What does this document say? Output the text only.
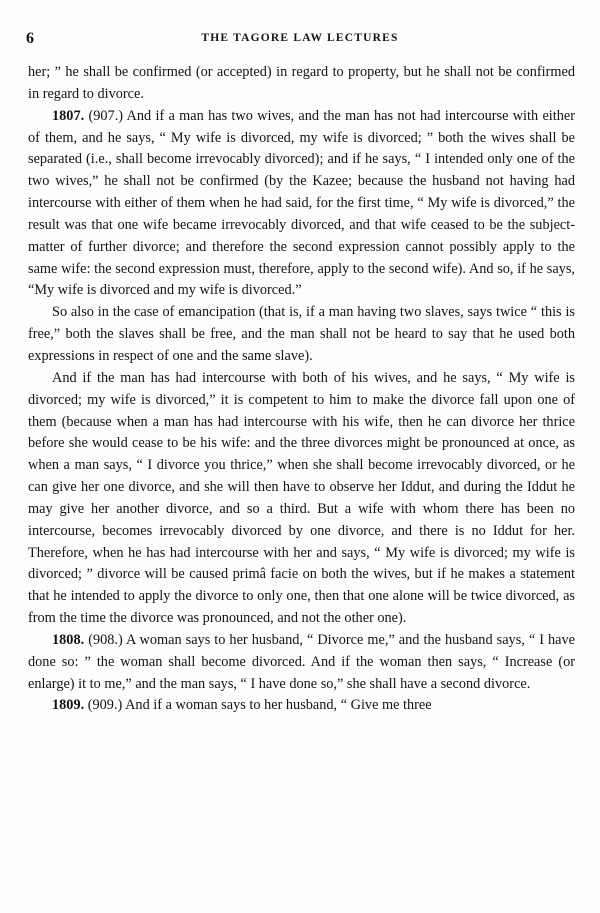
6	THE TAGORE LAW LECTURES

her; ” he shall be confirmed (or accepted) in regard to property, but he shall not be confirmed in regard to divorce.

1807. (907.) And if a man has two wives, and the man has not had intercourse with either of them, and he says, “ My wife is divorced, my wife is divorced; ” both the wives shall be separated (i.e., shall become irrevocably divorced); and if he says, “ I intended only one of the two wives,” he shall not be confirmed (by the Kazee; because the husband not having had intercourse with either of them when he had said, for the first time, “ My wife is divorced,” the result was that one wife became irrevocably divorced, and that wife ceased to be the subject-matter of further divorce; and therefore the second expression cannot possibly apply to the same wife: the second expression must, therefore, apply to the second wife). And so, if he says, “My wife is divorced and my wife is divorced.”

So also in the case of emancipation (that is, if a man having two slaves, says twice “ this is free,” both the slaves shall be free, and the man shall not be heard to say that he used both expressions in respect of one and the same slave).

And if the man has had intercourse with both of his wives, and he says, “ My wife is divorced; my wife is divorced,” it is competent to him to make the divorce fall upon one of them (because when a man has had intercourse with his wife, then he can divorce her thrice before she would cease to be his wife: and the three divorces might be pronounced at once, as when a man says, “ I divorce you thrice,” when she shall become irrevocably divorced, or he can give her one divorce, and she will then have to observe her Iddut, and during the Iddut he may give her another divorce, and so a third. But a wife with whom there has been no intercourse, becomes irrevocably divorced by one divorce, and there is no Iddut for her. Therefore, when he has had intercourse with her and says, “ My wife is divorced; my wife is divorced; ” divorce will be caused primâ facie on both the wives, but if he makes a statement that he intended to apply the divorce to only one, then that one alone will be twice divorced, as from the time the divorce was pronounced, and not the other one).

1808. (908.) A woman says to her husband, “ Divorce me,” and the husband says, “ I have done so: ” the woman shall become divorced. And if the woman then says, “ Increase (or enlarge) it to me,” and the man says, “ I have done so,” she shall have a second divorce.

1809. (909.) And if a woman says to her husband, “ Give me three
